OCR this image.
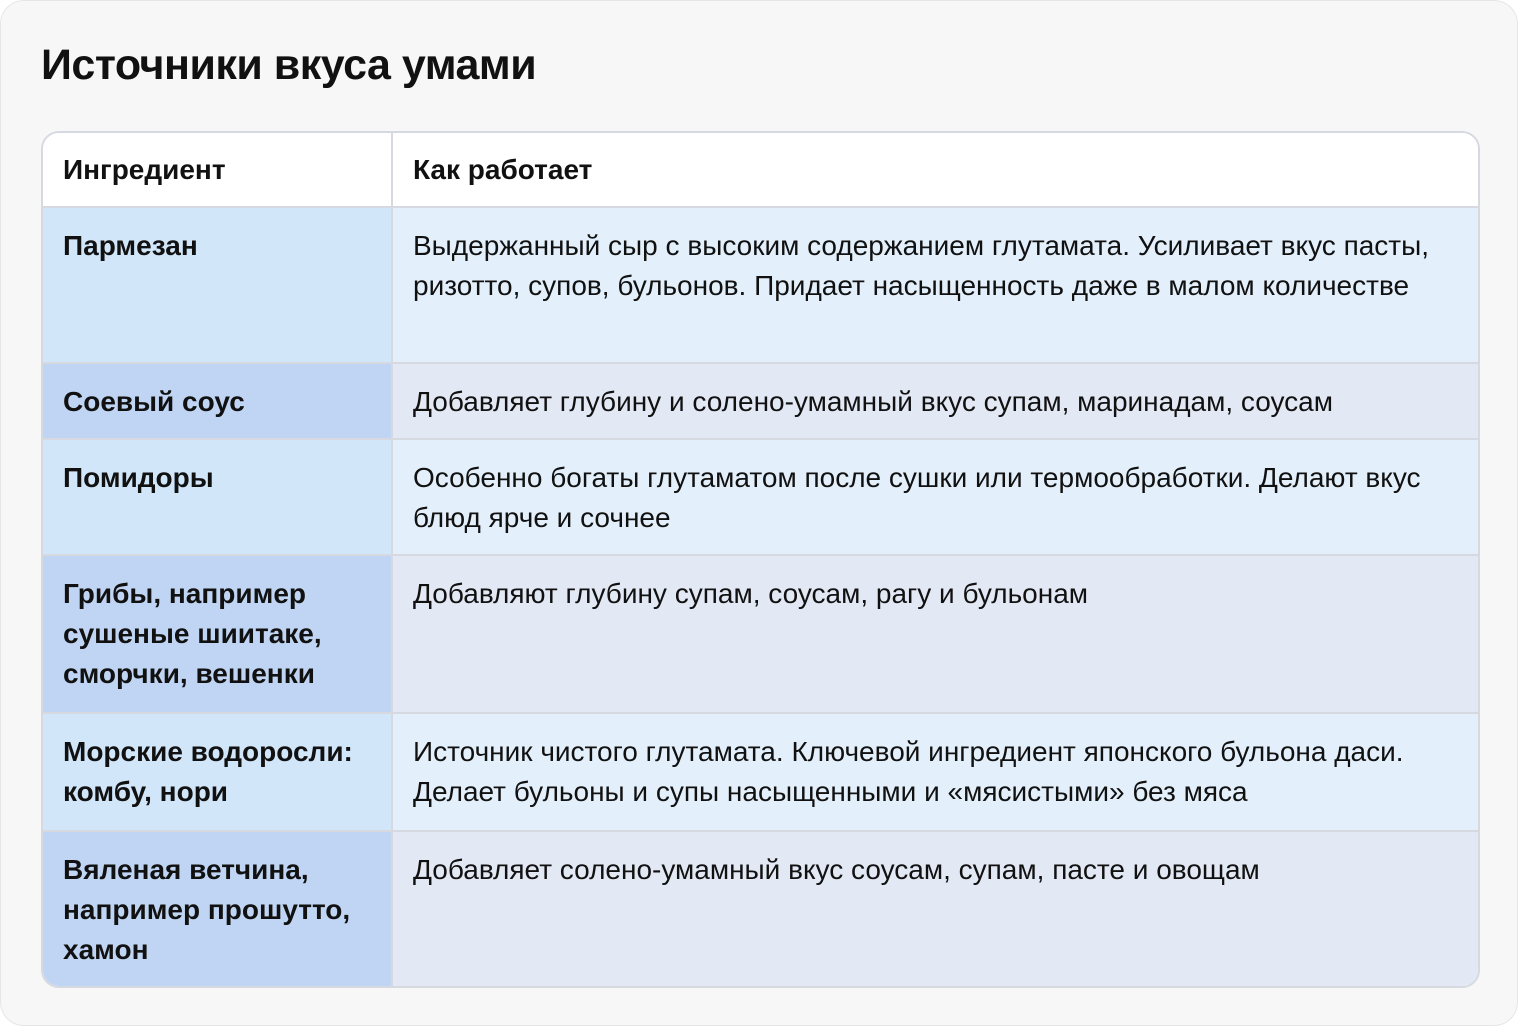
Источники вкуса умами
Ингредиент	Как работает
Пармезан	Выдержанный сыр с высоким содержанием глутамата. Усиливает вкус пасты, ризотто, супов, бульонов. Придает насыщенность даже в малом количестве
Соевый соус	Добавляет глубину и солено-умамный вкус супам, маринадам, соусам
Помидоры	Особенно богаты глутаматом после сушки или термообработки. Делают вкус блюд ярче и сочнее
Грибы, например сушеные шиитаке, сморчки, вешенки	Добавляют глубину супам, соусам, рагу и бульонам
Морские водоросли: комбу, нори	Источник чистого глутамата. Ключевой ингредиент японского бульона даси. Делает бульоны и супы насыщенными и «мясистыми» без мяса
Вяленая ветчина, например прошутто, хамон	Добавляет солено-умамный вкус соусам, супам, пасте и овощам
